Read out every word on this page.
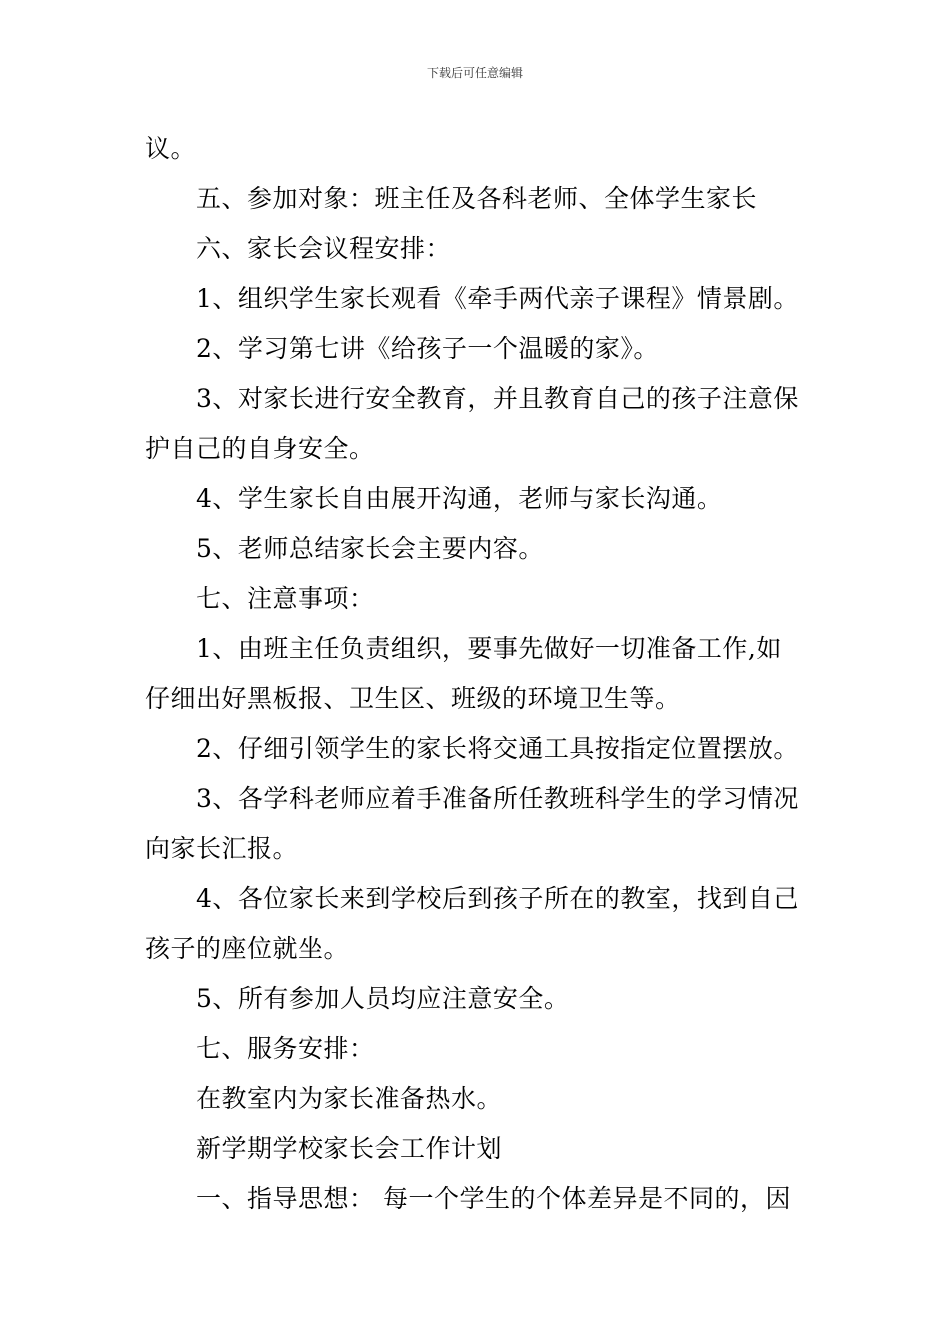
下载后可任意编辑
议。
五、参加对象：班主任及各科老师、全体学生家长
六、家长会议程安排：
1、组织学生家长观看《牵手两代亲子课程》情景剧。
2、学习第七讲《给孩子一个温暖的家》。
3、对家长进行安全教育，并且教育自己的孩子注意保
护自己的自身安全。
4、学生家长自由展开沟通，老师与家长沟通。
5、老师总结家长会主要内容。
七、注意事项：
1、由班主任负责组织，要事先做好一切准备工作,如
仔细出好黑板报、卫生区、班级的环境卫生等。
2、仔细引领学生的家长将交通工具按指定位置摆放。
3、各学科老师应着手准备所任教班科学生的学习情况
向家长汇报。
4、各位家长来到学校后到孩子所在的教室，找到自己
孩子的座位就坐。
5、所有参加人员均应注意安全。
七、服务安排：
在教室内为家长准备热水。
新学期学校家长会工作计划
一、指导思想： 每一个学生的个体差异是不同的，因
